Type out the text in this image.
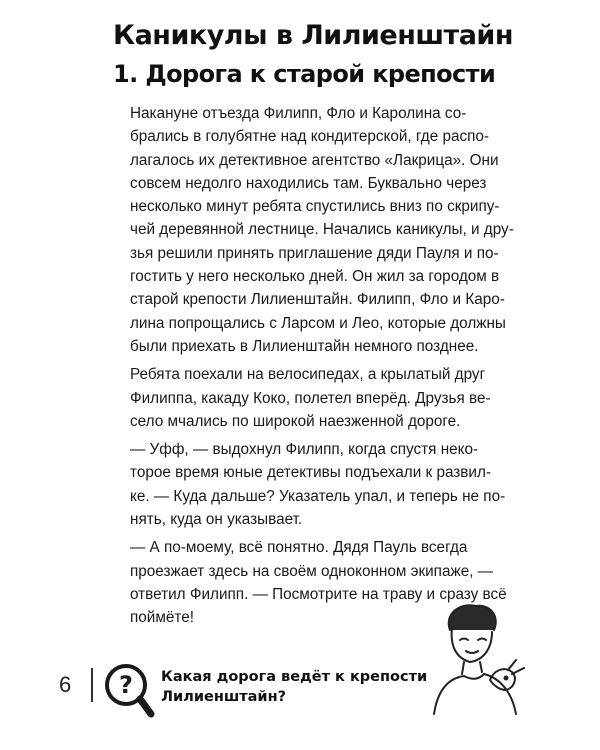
Каникулы в Лилиенштайн
1. Дорога к старой крепости

Накануне отъезда Филипп, Фло и Каролина со-
брались в голубятне над кондитерской, где распо-
лагалось их детективное агентство «Лакрица». Они
совсем недолго находились там. Буквально через
несколько минут ребята спустились вниз по скрипу-
чей деревянной лестнице. Начались каникулы, и дру-
зья решили принять приглашение дяди Пауля и по-
гостить у него несколько дней. Он жил за городом в
старой крепости Лилиенштайн. Филипп, Фло и Каро-
лина попрощались с Ларсом и Лео, которые должны
были приехать в Лилиенштайн немного позднее.

Ребята поехали на велосипедах, а крылатый друг
Филиппа, какаду Коко, полетел вперёд. Друзья ве-
село мчались по широкой наезженной дороге.

— Уфф, — выдохнул Филипп, когда спустя неко-
торое время юные детективы подъехали к развил-
ке. — Куда дальше? Указатель упал, и теперь не по-
нять, куда он указывает.

— А по-моему, всё понятно. Дядя Пауль всегда
проезжает здесь на своём одноконном экипаже, —
ответил Филипп. — Посмотрите на траву и сразу всё
поймёте!

6 ? Какая дорога ведёт к крепости
Лилиенштайн?
